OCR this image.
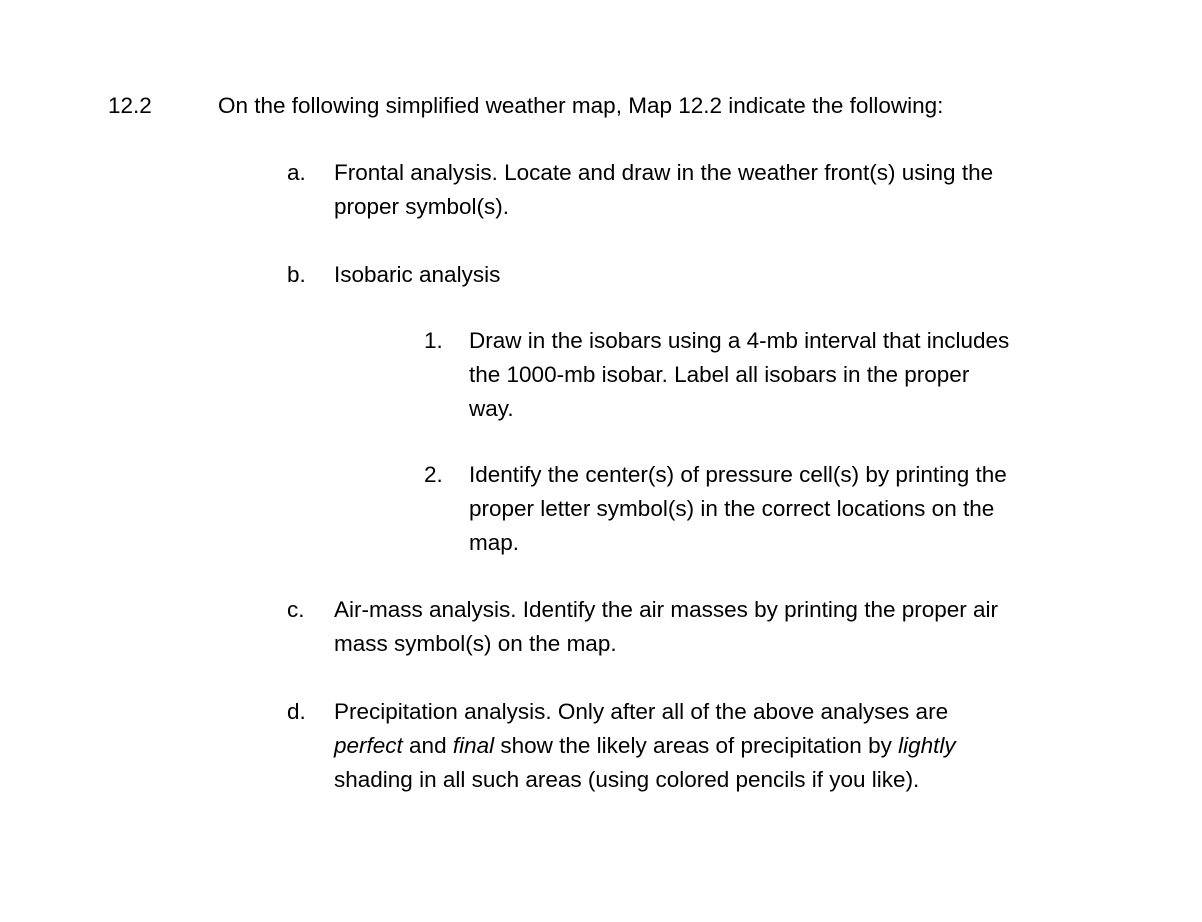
12.2	On the following simplified weather map, Map 12.2 indicate the following:
a. Frontal analysis. Locate and draw in the weather front(s) using the
proper symbol(s).
b. Isobaric analysis
1. Draw in the isobars using a 4-mb interval that includes
the 1000-mb isobar. Label all isobars in the proper
way.
2. Identify the center(s) of pressure cell(s) by printing the
proper letter symbol(s) in the correct locations on the
map.
c. Air-mass analysis. Identify the air masses by printing the proper air
mass symbol(s) on the map.
d. Precipitation analysis. Only after all of the above analyses are
perfect and final show the likely areas of precipitation by lightly
shading in all such areas (using colored pencils if you like).
